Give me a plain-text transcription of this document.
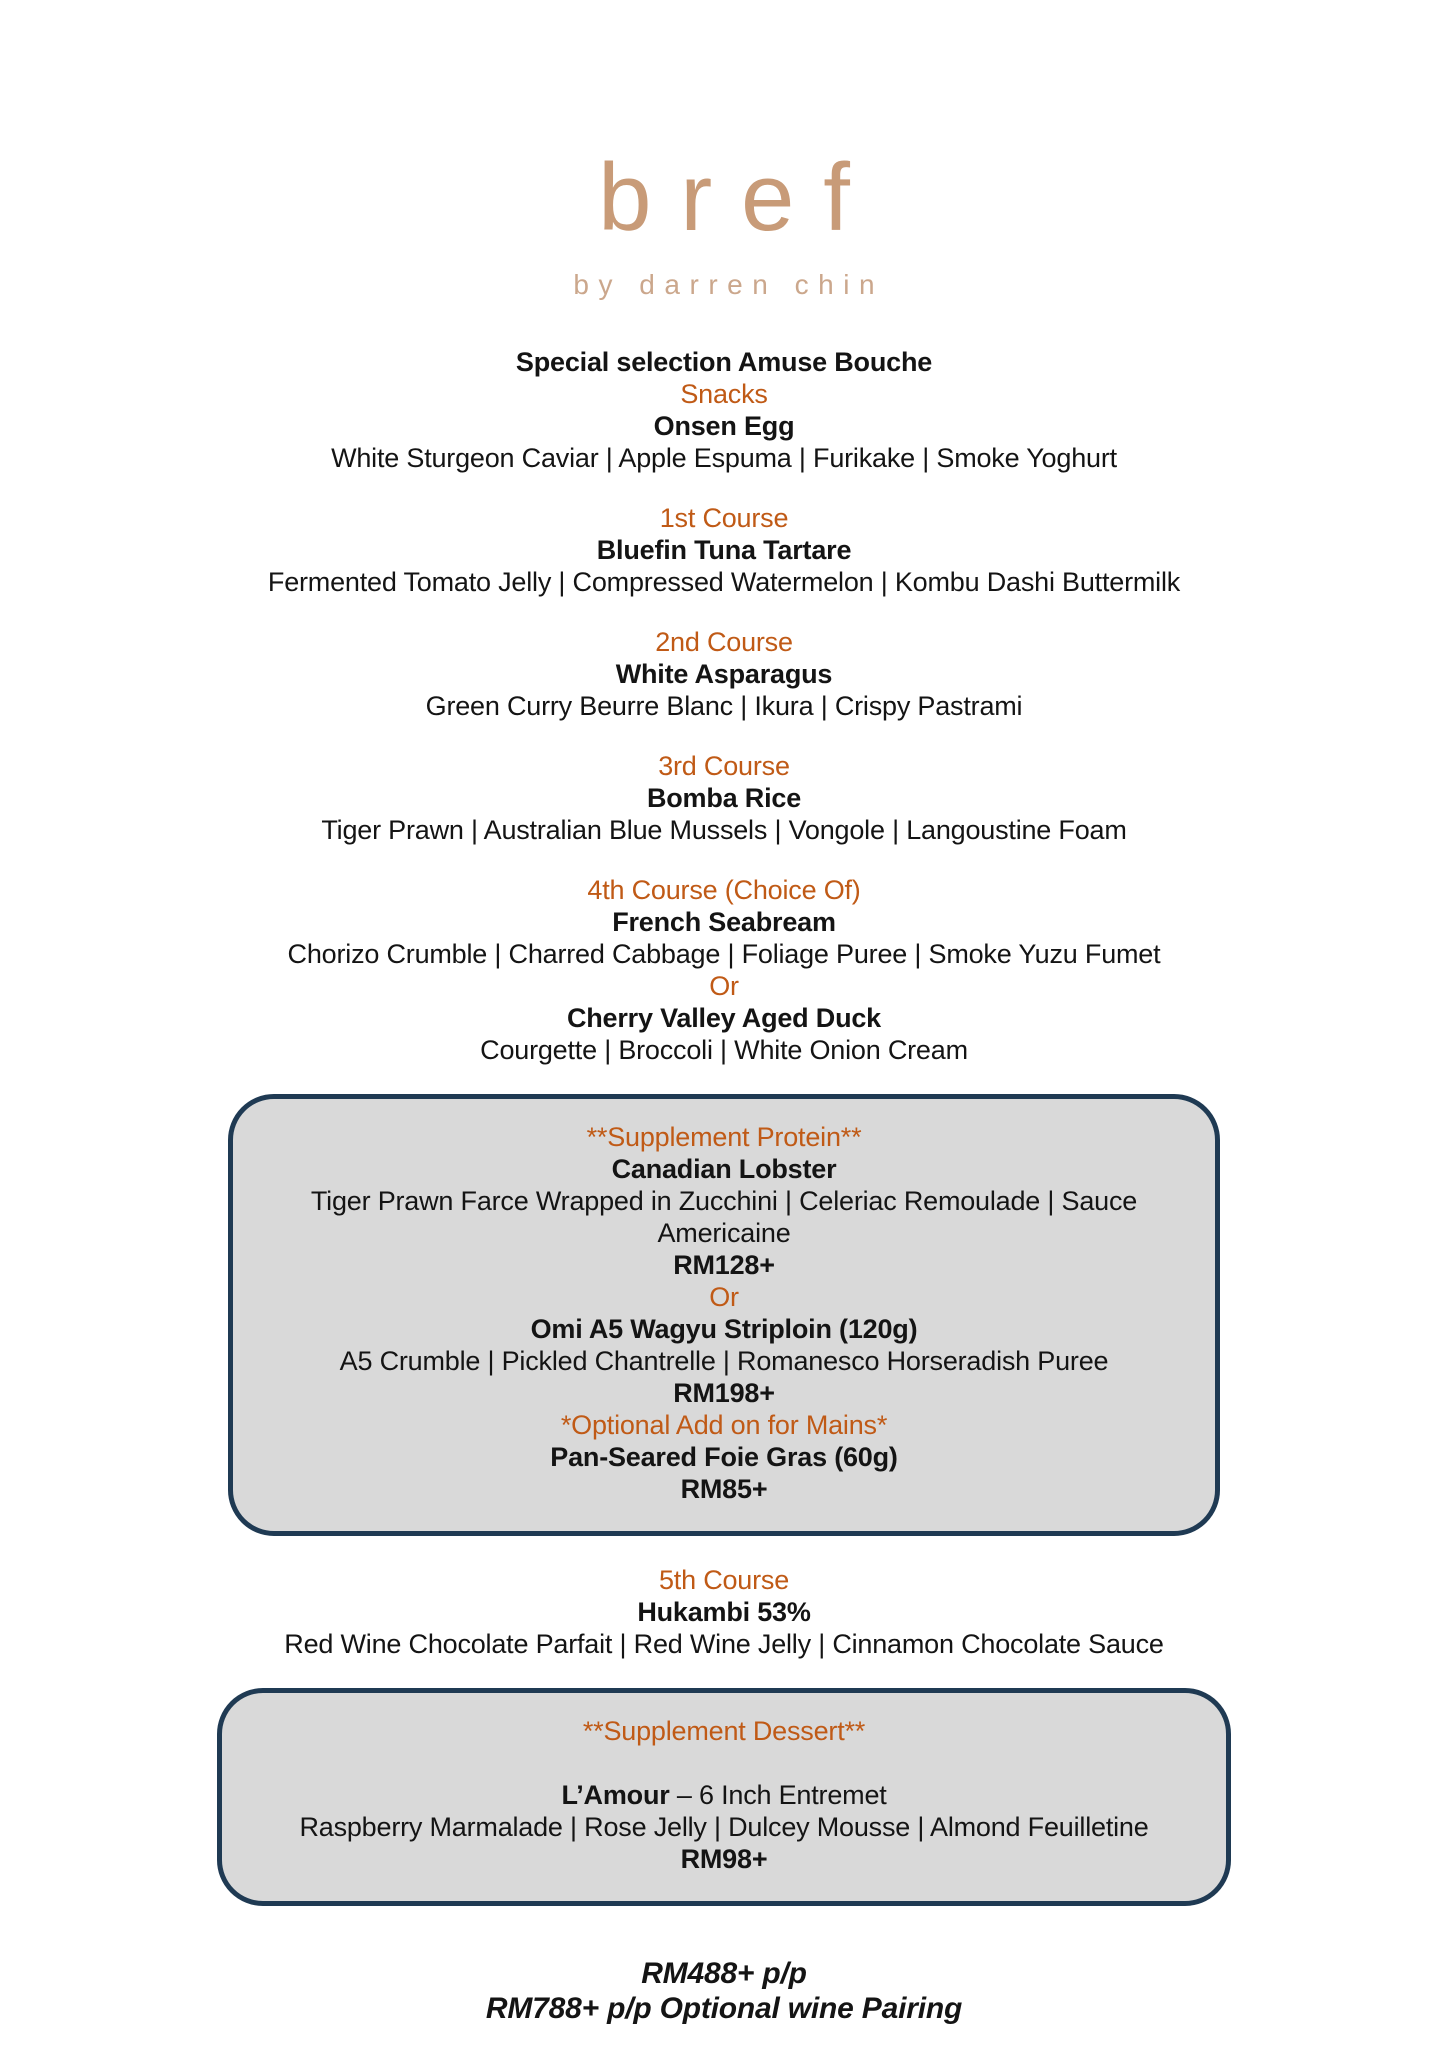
bref
by darren chin
Special selection Amuse Bouche
Snacks
Onsen Egg
White Sturgeon Caviar | Apple Espuma | Furikake | Smoke Yoghurt
1st Course
Bluefin Tuna Tartare
Fermented Tomato Jelly | Compressed Watermelon | Kombu Dashi Buttermilk
2nd Course
White Asparagus
Green Curry Beurre Blanc | Ikura | Crispy Pastrami
3rd Course
Bomba Rice
Tiger Prawn | Australian Blue Mussels | Vongole | Langoustine Foam
4th Course (Choice Of)
French Seabream
Chorizo Crumble | Charred Cabbage | Foliage Puree | Smoke Yuzu Fumet
Or
Cherry Valley Aged Duck
Courgette | Broccoli | White Onion Cream
**Supplement Protein**
Canadian Lobster
Tiger Prawn Farce Wrapped in Zucchini | Celeriac Remoulade | Sauce Americaine
RM128+
Or
Omi A5 Wagyu Striploin (120g)
A5 Crumble | Pickled Chantrelle | Romanesco Horseradish Puree
RM198+
*Optional Add on for Mains*
Pan-Seared Foie Gras (60g)
RM85+
5th Course
Hukambi 53%
Red Wine Chocolate Parfait | Red Wine Jelly | Cinnamon Chocolate Sauce
**Supplement Dessert**
L’Amour – 6 Inch Entremet
Raspberry Marmalade | Rose Jelly | Dulcey Mousse | Almond Feuilletine
RM98+
RM488+ p/p
RM788+ p/p Optional wine Pairing
